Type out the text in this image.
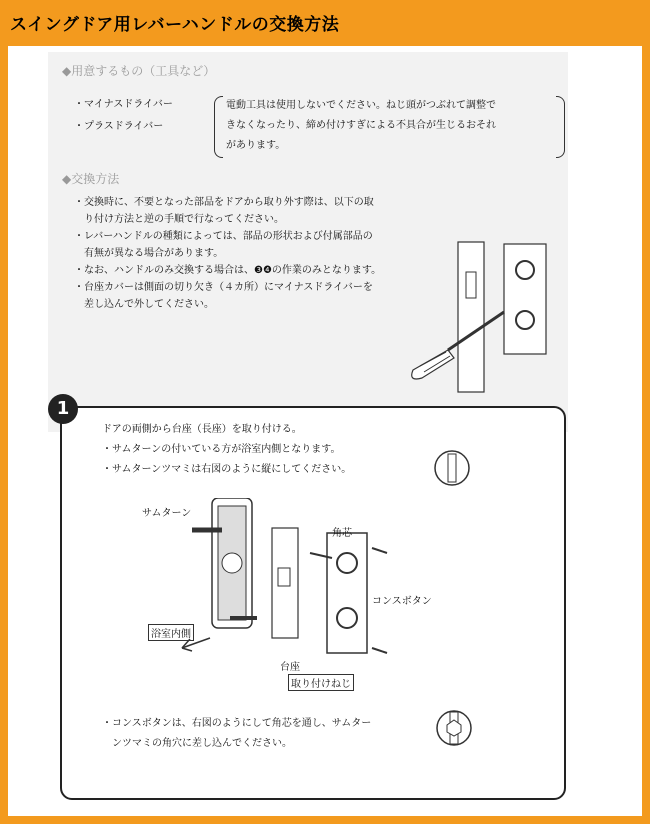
スイングドア用レバーハンドルの交換方法
◆用意するもの（工具など）
・マイナスドライバー
・プラスドライバー
電動工具は使用しないでください。ねじ頭がつぶれて調整で
きなくなったり、締め付けすぎによる不具合が生じるおそれ
があります。
◆交換方法
・交換時に、不要となった部品をドアから取り外す際は、以下の取
　り付け方法と逆の手順で行なってください。
・レバーハンドルの種類によっては、部品の形状および付属部品の
　有無が異なる場合があります。
・なお、ハンドルのみ交換する場合は、❸❹の作業のみとなります。
・台座カバーは側面の切り欠き（４カ所）にマイナスドライバーを
　差し込んで外してください。
1
ドアの両側から台座（長座）を取り付ける。
・サムターンの付いている方が浴室内側となります。
・サムターンツマミは右図のように縦にしてください。
サムターン
浴室内側
角芯
コンスボタン
台座
取り付けねじ
・コンスボタンは、右図のようにして角芯を通し、サムター
　ンツマミの角穴に差し込んでください。
